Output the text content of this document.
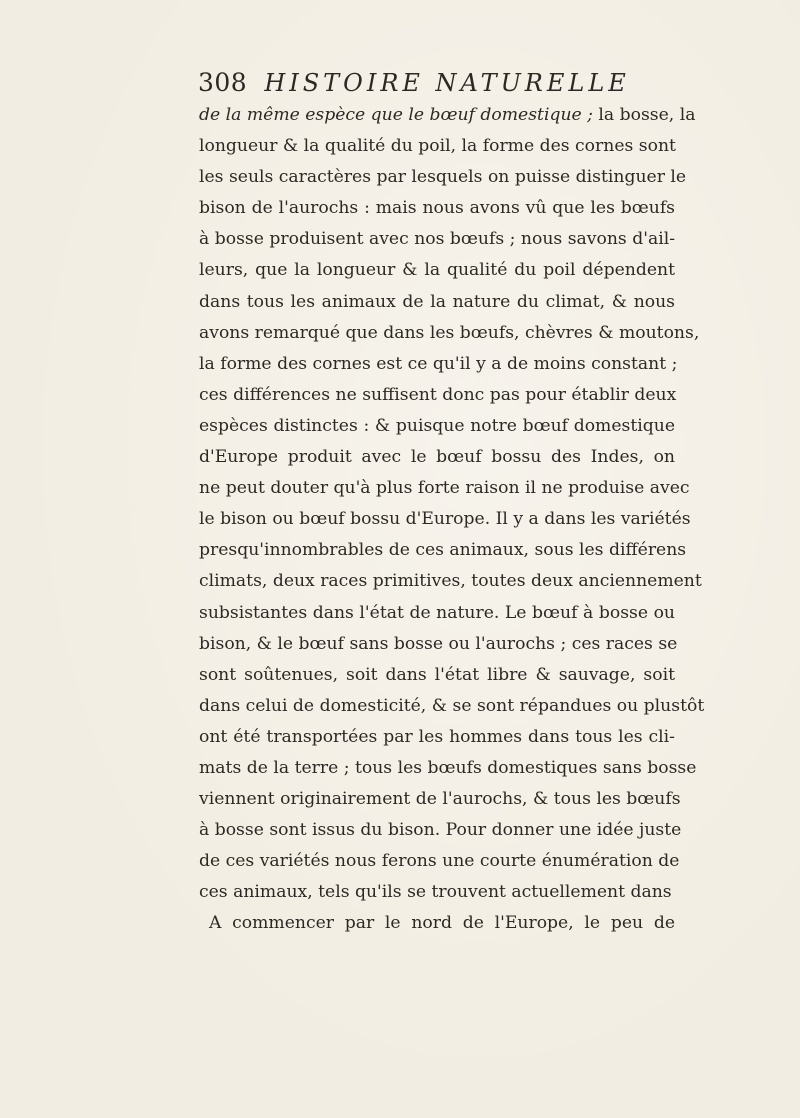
308 HISTOIRE NATURELLE
de la même espèce que le bœuf domestique ; la bosse, la
longueur & la qualité du poil, la forme des cornes sont
les seuls caractères par lesquels on puisse distinguer le
bison de l'aurochs : mais nous avons vû que les bœufs
à bosse produisent avec nos bœufs ; nous savons d'ail-
leurs, que la longueur & la qualité du poil dépendent
dans tous les animaux de la nature du climat, & nous
avons remarqué que dans les bœufs, chèvres & moutons,
la forme des cornes est ce qu'il y a de moins constant ;
ces différences ne suffisent donc pas pour établir deux
espèces distinctes : & puisque notre bœuf domestique
d'Europe produit avec le bœuf bossu des Indes, on
ne peut douter qu'à plus forte raison il ne produise avec
le bison ou bœuf bossu d'Europe. Il y a dans les variétés
presqu'innombrables de ces animaux, sous les différens
climats, deux races primitives, toutes deux anciennement
subsistantes dans l'état de nature. Le bœuf à bosse ou
bison, & le bœuf sans bosse ou l'aurochs ; ces races se
sont soûtenues, soit dans l'état libre & sauvage, soit
dans celui de domesticité, & se sont répandues ou plustôt
ont été transportées par les hommes dans tous les cli-
mats de la terre ; tous les bœufs domestiques sans bosse
viennent originairement de l'aurochs, & tous les bœufs
à bosse sont issus du bison. Pour donner une idée juste
de ces variétés nous ferons une courte énumération de
ces animaux, tels qu'ils se trouvent actuellement dans
A commencer par le nord de l'Europe, le peu de
